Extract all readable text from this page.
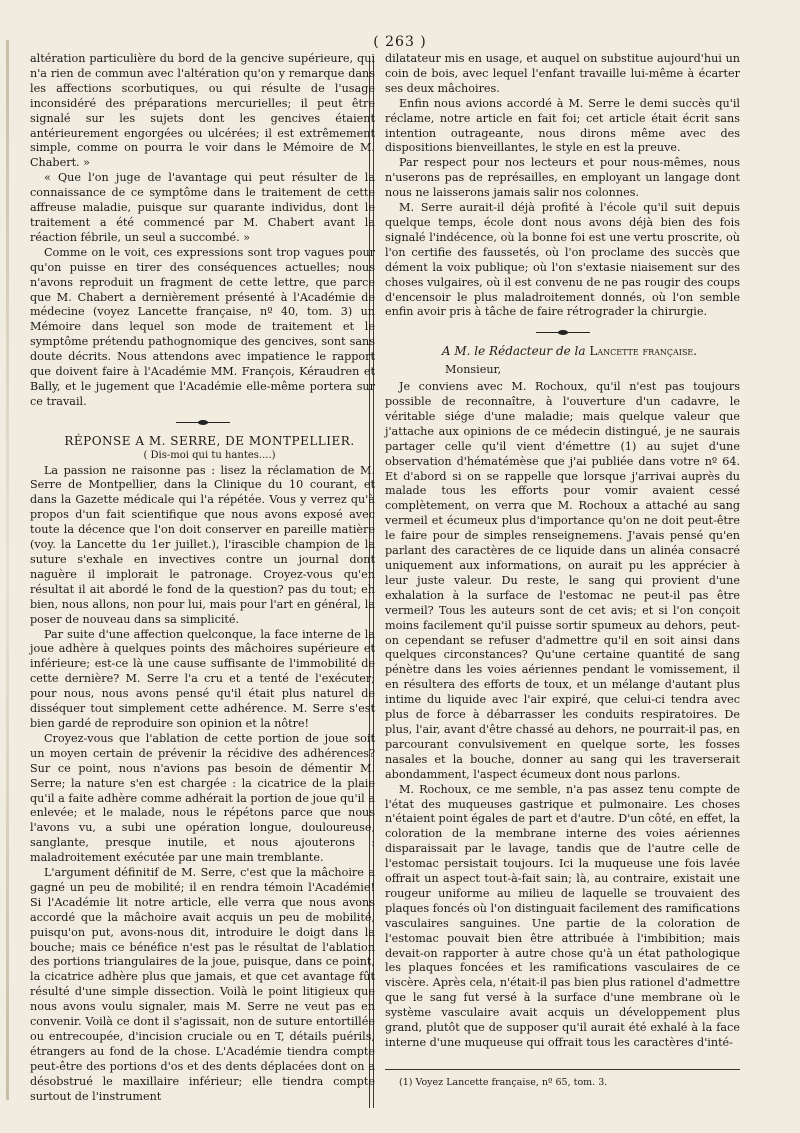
( 263 )

altération particulière du bord de la gencive supérieure, qui n'a rien de commun avec l'altération qu'on y remarque dans les affections scorbutiques, ou qui résulte de l'usage inconsidéré des préparations mercurielles; il peut être signalé sur les sujets dont les gencives étaient antérieurement engorgées ou ulcérées; il est extrêmement simple, comme on pourra le voir dans le Mémoire de M. Chabert. »

« Que l'on juge de l'avantage qui peut résulter de la connaissance de ce symptôme dans le traitement de cette affreuse maladie, puisque sur quarante individus, dont le traitement a été commencé par M. Chabert avant la réaction fébrile, un seul a succombé. »

Comme on le voit, ces expressions sont trop vagues pour qu'on puisse en tirer des conséquences actuelles; nous n'avons reproduit un fragment de cette lettre, que parce que M. Chabert a dernièrement présenté à l'Académie de médecine (voyez Lancette française, nº 40, tom. 3) un Mémoire dans lequel son mode de traitement et le symptôme prétendu pathognomique des gencives, sont sans doute décrits. Nous attendons avec impatience le rapport que doivent faire à l'Académie MM. François, Kéraudren et Bally, et le jugement que l'Académie elle-même portera sur ce travail.

RÉPONSE A M. SERRE, DE MONTPELLIER.

( Dis-moi qui tu hantes....)

La passion ne raisonne pas : lisez la réclamation de M. Serre de Montpellier, dans la Clinique du 10 courant, et dans la Gazette médicale qui l'a répétée. Vous y verrez qu'à propos d'un fait scientifique que nous avons exposé avec toute la décence que l'on doit conserver en pareille matière (voy. la Lancette du 1er juillet.), l'irascible champion de la suture s'exhale en invectives contre un journal dont naguère il implorait le patronage. Croyez-vous qu'en résultat il ait abordé le fond de la question? pas du tout; eh bien, nous allons, non pour lui, mais pour l'art en général, la poser de nouveau dans sa simplicité.

Par suite d'une affection quelconque, la face interne de la joue adhère à quelques points des mâchoires supérieure et inférieure; est-ce là une cause suffisante de l'immobilité de cette dernière? M. Serre l'a cru et a tenté de l'exécuter; pour nous, nous avons pensé qu'il était plus naturel de disséquer tout simplement cette adhérence. M. Serre s'est bien gardé de reproduire son opinion et la nôtre!

Croyez-vous que l'ablation de cette portion de joue soit un moyen certain de prévenir la récidive des adhérences? Sur ce point, nous n'avions pas besoin de démentir M. Serre; la nature s'en est chargée : la cicatrice de la plaie qu'il a faite adhère comme adhérait la portion de joue qu'il a enlevée; et le malade, nous le répétons parce que nous l'avons vu, a subi une opération longue, douloureuse, sanglante, presque inutile, et nous ajouterons : maladroitement exécutée par une main tremblante.

L'argument définitif de M. Serre, c'est que la mâchoire a gagné un peu de mobilité; il en rendra témoin l'Académie! Si l'Académie lit notre article, elle verra que nous avons accordé que la mâchoire avait acquis un peu de mobilité, puisqu'on put, avons-nous dit, introduire le doigt dans la bouche; mais ce bénéfice n'est pas le résultat de l'ablation des portions triangulaires de la joue, puisque, dans ce point, la cicatrice adhère plus que jamais, et que cet avantage fût résulté d'une simple dissection. Voilà le point litigieux que nous avons voulu signaler, mais M. Serre ne veut pas en convenir. Voilà ce dont il s'agissait, non de suture entortillée ou entrecoupée, d'incision cruciale ou en T, détails puérils, étrangers au fond de la chose. L'Académie tiendra compte peut-être des portions d'os et des dents déplacées dont on a désobstrué le maxillaire inférieur; elle tiendra compte surtout de l'instrument

dilatateur mis en usage, et auquel on substitue aujourd'hui un coin de bois, avec lequel l'enfant travaille lui-même à écarter ses deux mâchoires.

Enfin nous avions accordé à M. Serre le demi succès qu'il réclame, notre article en fait foi; cet article était écrit sans intention outrageante, nous dirons même avec des dispositions bienveillantes, le style en est la preuve.

Par respect pour nos lecteurs et pour nous-mêmes, nous n'userons pas de représailles, en employant un langage dont nous ne laisserons jamais salir nos colonnes.

M. Serre aurait-il déjà profité à l'école qu'il suit depuis quelque temps, école dont nous avons déjà bien des fois signalé l'indécence, où la bonne foi est une vertu proscrite, où l'on certifie des faussetés, où l'on proclame des succès que dément la voix publique; où l'on s'extasie niaisement sur des choses vulgaires, où il est convenu de ne pas rougir des coups d'encensoir le plus maladroitement donnés, où l'on semble enfin avoir pris à tâche de faire rétrograder la chirurgie.

A M. le Rédacteur de la Lancette française.

Monsieur,

Je conviens avec M. Rochoux, qu'il n'est pas toujours possible de reconnaître, à l'ouverture d'un cadavre, le véritable siége d'une maladie; mais quelque valeur que j'attache aux opinions de ce médecin distingué, je ne saurais partager celle qu'il vient d'émettre (1) au sujet d'une observation d'hématémèse que j'ai publiée dans votre nº 64. Et d'abord si on se rappelle que lorsque j'arrivai auprès du malade tous les efforts pour vomir avaient cessé complètement, on verra que M. Rochoux a attaché au sang vermeil et écumeux plus d'importance qu'on ne doit peut-être le faire pour de simples renseignemens. J'avais pensé qu'en parlant des caractères de ce liquide dans un alinéa consacré uniquement aux informations, on aurait pu les apprécier à leur juste valeur. Du reste, le sang qui provient d'une exhalation à la surface de l'estomac ne peut-il pas être vermeil? Tous les auteurs sont de cet avis; et si l'on conçoit moins facilement qu'il puisse sortir spumeux au dehors, peut-on cependant se refuser d'admettre qu'il en soit ainsi dans quelques circonstances? Qu'une certaine quantité de sang pénètre dans les voies aériennes pendant le vomissement, il en résultera des efforts de toux, et un mélange d'autant plus intime du liquide avec l'air expiré, que celui-ci tendra avec plus de force à débarrasser les conduits respiratoires. De plus, l'air, avant d'être chassé au dehors, ne pourrait-il pas, en parcourant convulsivement en quelque sorte, les fosses nasales et la bouche, donner au sang qui les traverserait abondamment, l'aspect écumeux dont nous parlons.

M. Rochoux, ce me semble, n'a pas assez tenu compte de l'état des muqueuses gastrique et pulmonaire. Les choses n'étaient point égales de part et d'autre. D'un côté, en effet, la coloration de la membrane interne des voies aériennes disparaissait par le lavage, tandis que de l'autre celle de l'estomac persistait toujours. Ici la muqueuse une fois lavée offrait un aspect tout-à-fait sain; là, au contraire, existait une rougeur uniforme au milieu de laquelle se trouvaient des plaques foncés où l'on distinguait facilement des ramifications vasculaires sanguines. Une partie de la coloration de l'estomac pouvait bien être attribuée à l'imbibition; mais devait-on rapporter à autre chose qu'à un état pathologique les plaques foncées et les ramifications vasculaires de ce viscère. Après cela, n'était-il pas bien plus rationel d'admettre que le sang fut versé à la surface d'une membrane où le système vasculaire avait acquis un développement plus grand, plutôt que de supposer qu'il aurait été exhalé à la face interne d'une muqueuse qui offrait tous les caractères d'inté-

(1) Voyez Lancette française, nº 65, tom. 3.
